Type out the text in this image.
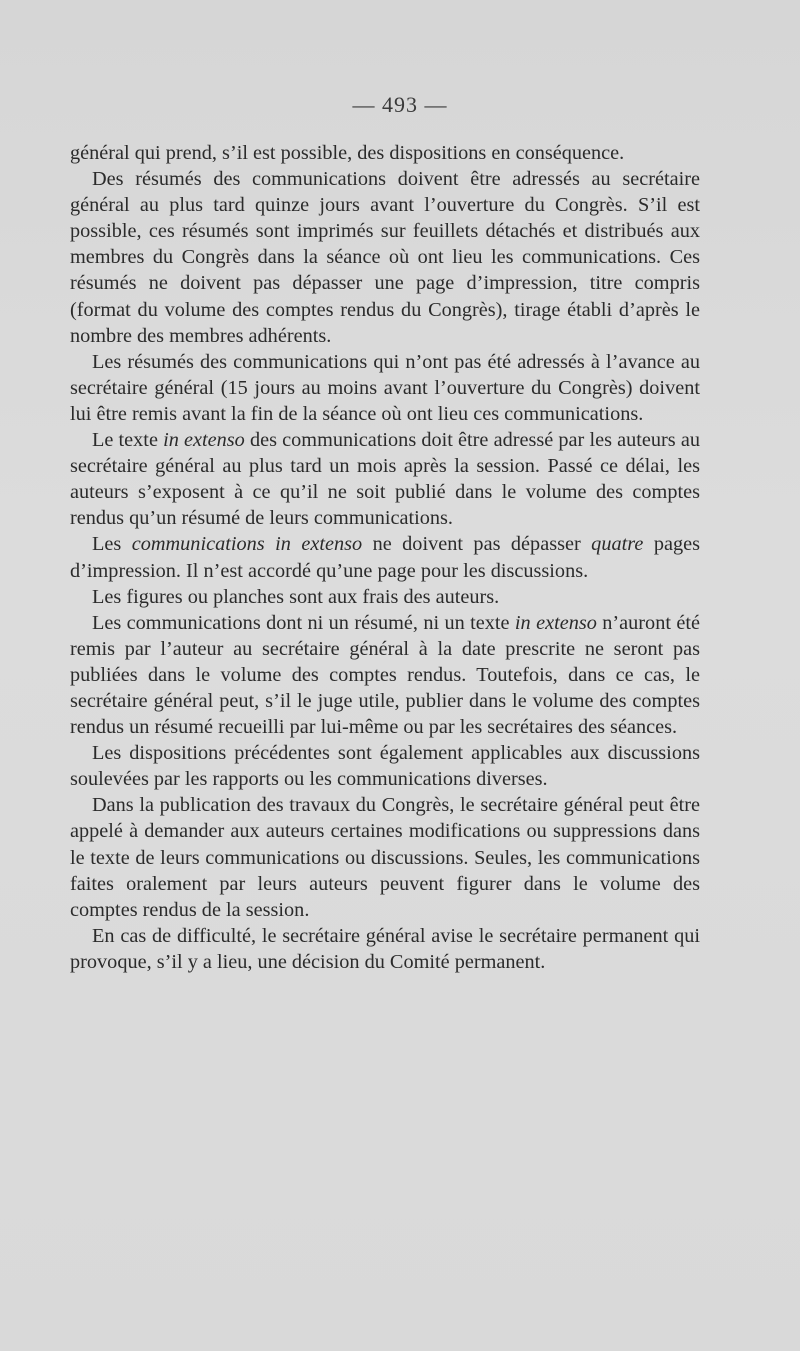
— 493 —

général qui prend, s’il est possible, des dispositions en conséquence.

Des résumés des communications doivent être adressés au secrétaire général au plus tard quinze jours avant l’ouverture du Congrès. S’il est possible, ces résumés sont imprimés sur feuillets détachés et distribués aux membres du Congrès dans la séance où ont lieu les communications. Ces résumés ne doivent pas dépasser une page d’impression, titre compris (format du volume des comptes rendus du Congrès), tirage établi d’après le nombre des membres adhérents.

Les résumés des communications qui n’ont pas été adressés à l’avance au secrétaire général (15 jours au moins avant l’ouverture du Congrès) doivent lui être remis avant la fin de la séance où ont lieu ces communications.

Le texte in extenso des communications doit être adressé par les auteurs au secrétaire général au plus tard un mois après la session. Passé ce délai, les auteurs s’exposent à ce qu’il ne soit publié dans le volume des comptes rendus qu’un résumé de leurs communications.

Les communications in extenso ne doivent pas dépasser quatre pages d’impression. Il n’est accordé qu’une page pour les discussions.

Les figures ou planches sont aux frais des auteurs.

Les communications dont ni un résumé, ni un texte in extenso n’auront été remis par l’auteur au secrétaire général à la date prescrite ne seront pas publiées dans le volume des comptes rendus. Toutefois, dans ce cas, le secrétaire général peut, s’il le juge utile, publier dans le volume des comptes rendus un résumé recueilli par lui-même ou par les secrétaires des séances.

Les dispositions précédentes sont également applicables aux discussions soulevées par les rapports ou les communications diverses.

Dans la publication des travaux du Congrès, le secrétaire général peut être appelé à demander aux auteurs certaines modifications ou suppressions dans le texte de leurs communications ou discussions. Seules, les communications faites oralement par leurs auteurs peuvent figurer dans le volume des comptes rendus de la session.

En cas de difficulté, le secrétaire général avise le secrétaire permanent qui provoque, s’il y a lieu, une décision du Comité permanent.
